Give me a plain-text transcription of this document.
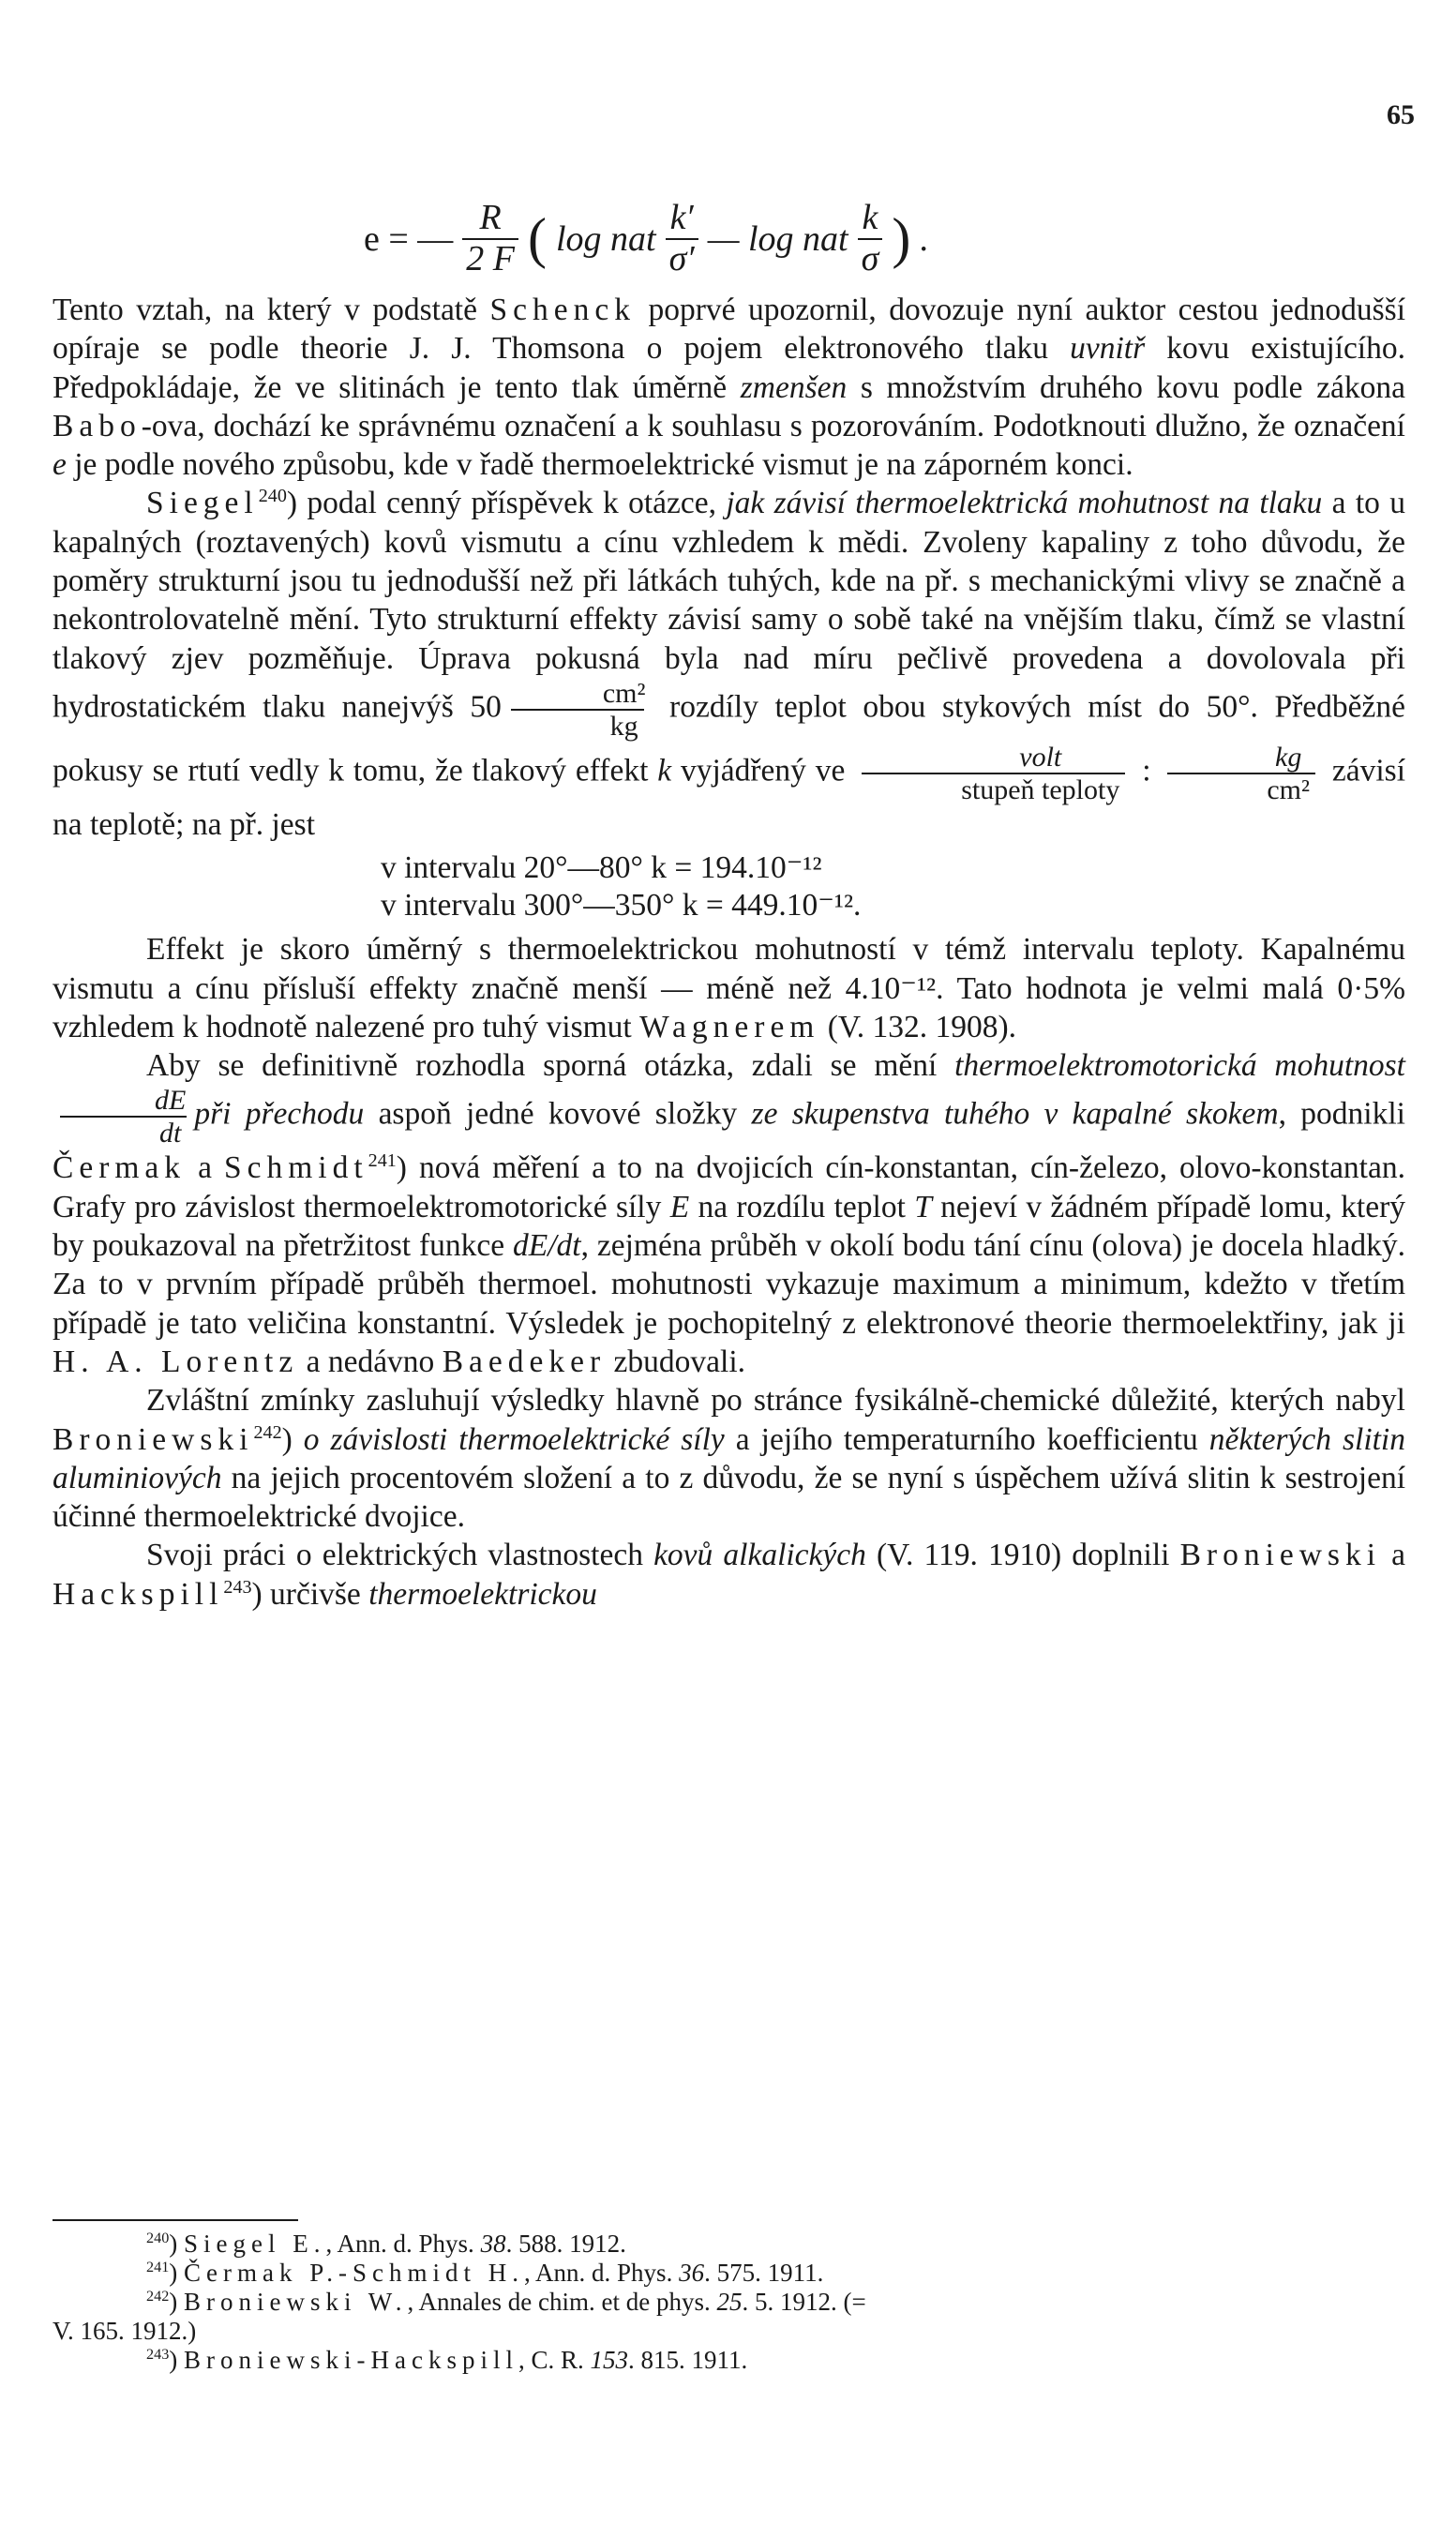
65
e = — $\frac{R}{2 F}$ ( log nat $\frac{k'}{\sigma'}$ — log nat $\frac{k}{\sigma}$ ) .

Tento vztah, na který v podstatě Schenck poprvé upozornil, dovozuje nyní auktor cestou jednodušší opíraje se podle theorie J. J. Thomsona o pojem elektronového tlaku uvnitř kovu existujícího. Předpokládaje, že ve slitinách je tento tlak úměrně zmenšen s množstvím druhého kovu podle zákona Babo-ova, dochází ke správnému označení a k souhlasu s pozorováním. Podotknouti dlužno, že označení e je podle nového způsobu, kde v řadě thermoelektrické vismut je na záporném konci.

Siegel$^{240}$) podal cenný příspěvek k otázce, jak závisí thermoelektrická mohutnost na tlaku a to u kapalných (roztavených) kovů vismutu a cínu vzhledem k mědi. Zvoleny kapaliny z toho důvodu, že poměry strukturní jsou tu jednodušší než při látkách tuhých, kde na př. s mechanickými vlivy se značně a nekontrolovatelně mění. Tyto strukturní effekty závisí samy o sobě také na vnějším tlaku, čímž se vlastní tlakový zjev pozměňuje. Úprava pokusná byla nad míru pečlivě provedena a dovolovala při hydrostatickém tlaku nanejvýš $50 \frac{\text{cm²}}{kg}$ rozdíly teplot obou stykových míst do 50°. Předběžné pokusy se rtutí vedly k tomu, že tlakový effekt k vyjádřený ve $\frac{\text{volt}}{\text{stupeň teploty}}$ : $\frac{kg}{\text{cm²}}$ závisí na teplotě; na př. jest

v intervalu 20°—80° k = 194.10⁻¹²
v intervalu 300°—350° k = 449.10⁻¹².

Effekt je skoro úměrný s thermoelektrickou mohutností v témž intervalu teploty. Kapalnému vismutu a cínu přísluší effekty značně menší — méně než 4.10⁻¹². Tato hodnota je velmi malá 0·5% vzhledem k hodnotě nalezené pro tuhý vismut Wagnerem (V. 132. 1908).

Aby se definitivně rozhodla sporná otázka, zdali se mění thermoelektromotorická mohutnost
$\frac{dE}{dt}$ při přechodu aspoň jedné kovové složky ze skupenstva tuhého v kapalné skokem, podnikli Čermak a Schmidt$^{241}$) nová měření a to na dvojicích cín-konstantan, cín-železo, olovo-konstantan. Grafy pro závislost thermoelektromotorické síly E na rozdílu teplot T nejeví v žádném případě lomu, který by poukazoval na přetržitost funkce dE/dt, zejména průběh v okolí bodu tání cínu (olova) je docela hladký. Za to v prvním případě průběh thermoel. mohutnosti vykazuje maximum a minimum, kdežto v třetím případě je tato veličina konstantní. Výsledek je pochopitelný z elektronové theorie thermoelektřiny, jak ji H. A. Lorentz a nedávno Baedeker zbudovali.

Zvláštní zmínky zasluhují výsledky hlavně po stránce fysikálně-chemické důležité, kterých nabyl Broniewski$^{242}$) o závislosti thermoelektrické síly a jejího temperaturního koefficientu některých slitin aluminiových na jejich procentovém složení a to z důvodu, že se nyní s úspěchem užívá slitin k sestrojení účinné thermoelektrické dvojice.

Svoji práci o elektrických vlastnostech kovů alkalických (V. 119. 1910) doplnili Broniewski a Hackspill$^{243}$) určivše thermoelektrickou

$^{240}$) Siegel E., Ann. d. Phys. 38. 588. 1912.
$^{241}$) Čermak P.-Schmidt H., Ann. d. Phys. 36. 575. 1911.
$^{242}$) Broniewski W., Annales de chim. et de phys. 25. 5. 1912. (=
V. 165. 1912.)
$^{243}$) Broniewski-Hackspill, C. R. 153. 815. 1911.
